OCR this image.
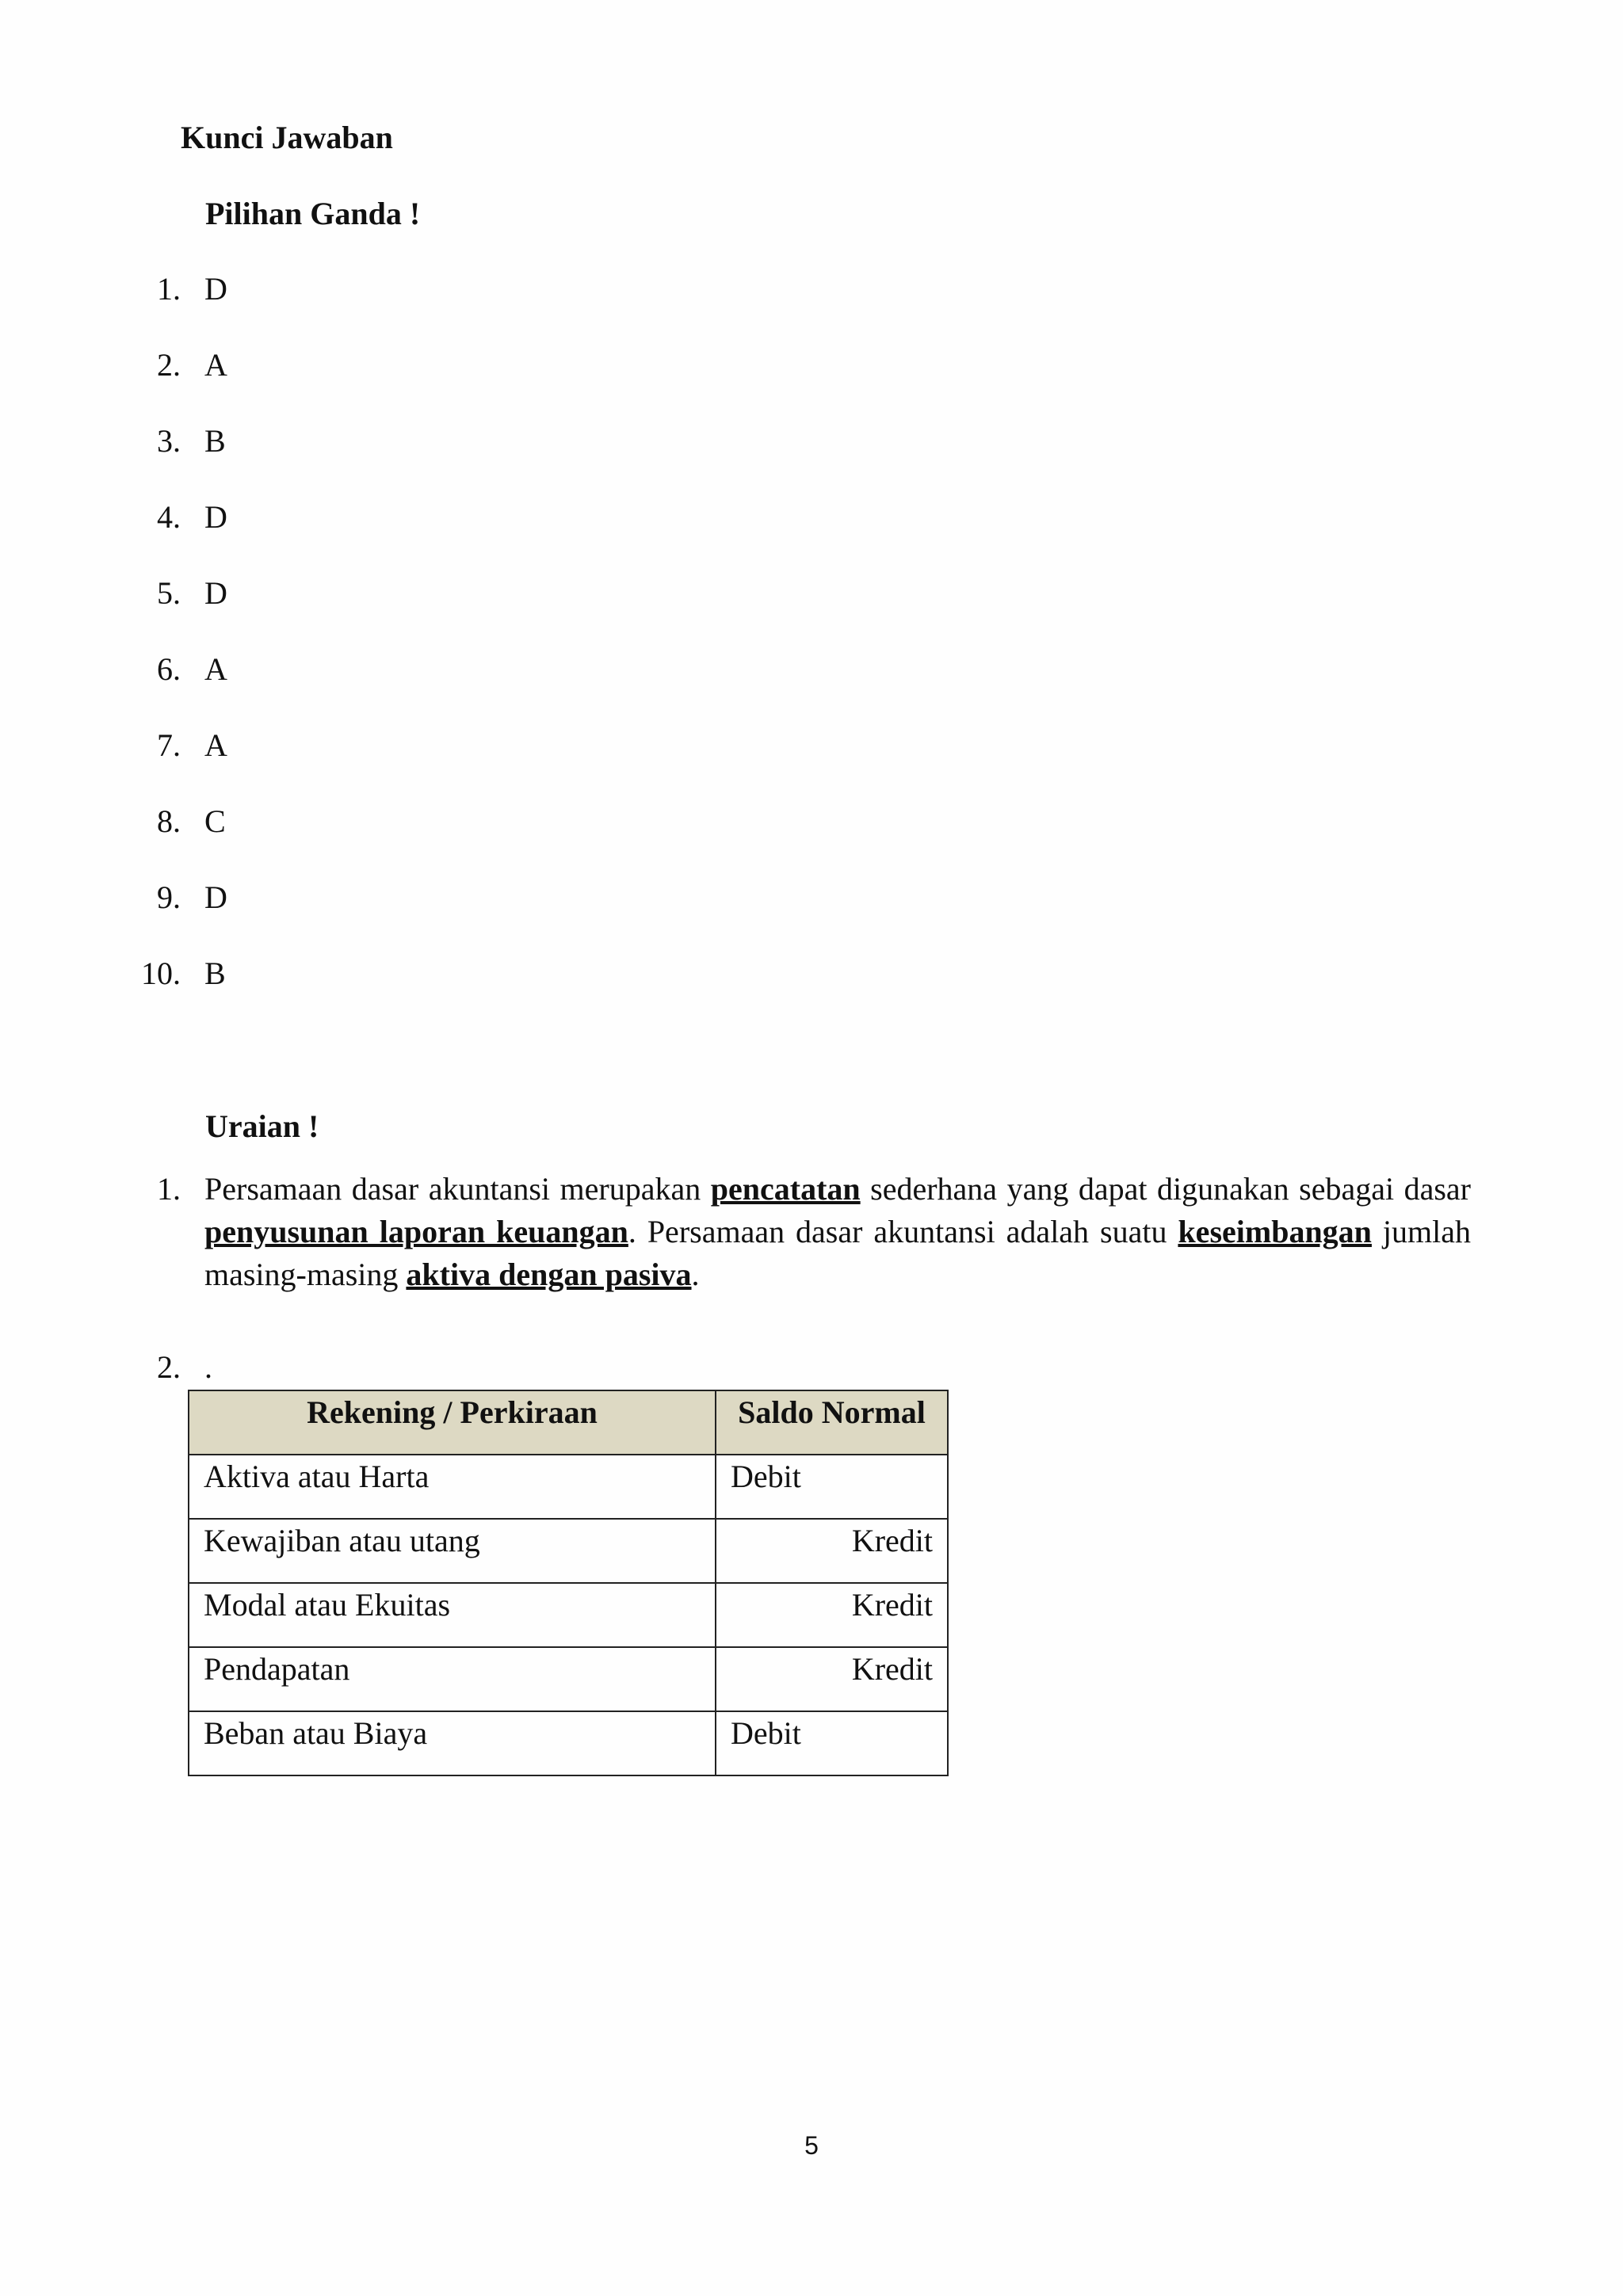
Kunci Jawaban
Pilihan Ganda !
1. D
2. A
3. B
4. D
5. D
6. A
7. A
8. C
9. D
10. B
Uraian !
1. Persamaan dasar akuntansi merupakan pencatatan sederhana yang dapat digunakan sebagai dasar penyusunan laporan keuangan. Persamaan dasar akuntansi adalah suatu keseimbangan jumlah masing-masing aktiva dengan pasiva.
2. .
Rekening / Perkiraan	Saldo Normal
Aktiva atau Harta	Debit
Kewajiban atau utang	Kredit
Modal atau Ekuitas	Kredit
Pendapatan	Kredit
Beban atau Biaya	Debit
5
